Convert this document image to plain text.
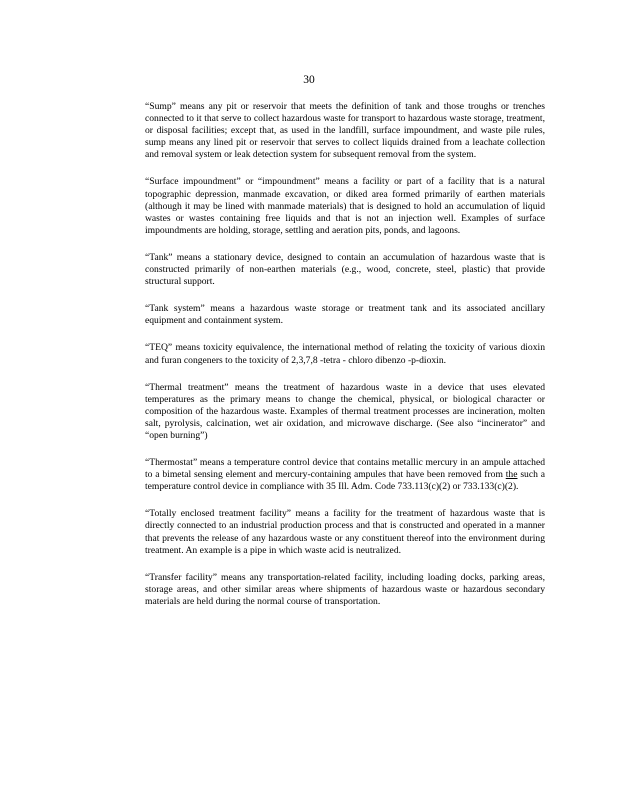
30

“Sump” means any pit or reservoir that meets the definition of tank and those troughs or trenches connected to it that serve to collect hazardous waste for transport to hazardous waste storage, treatment, or disposal facilities; except that, as used in the landfill, surface impoundment, and waste pile rules, sump means any lined pit or reservoir that serves to collect liquids drained from a leachate collection and removal system or leak detection system for subsequent removal from the system.

“Surface impoundment” or “impoundment” means a facility or part of a facility that is a natural topographic depression, manmade excavation, or diked area formed primarily of earthen materials (although it may be lined with manmade materials) that is designed to hold an accumulation of liquid wastes or wastes containing free liquids and that is not an injection well. Examples of surface impoundments are holding, storage, settling and aeration pits, ponds, and lagoons.

“Tank” means a stationary device, designed to contain an accumulation of hazardous waste that is constructed primarily of non-earthen materials (e.g., wood, concrete, steel, plastic) that provide structural support.

“Tank system” means a hazardous waste storage or treatment tank and its associated ancillary equipment and containment system.

“TEQ” means toxicity equivalence, the international method of relating the toxicity of various dioxin and furan congeners to the toxicity of 2,3,7,8 -tetra - chloro dibenzo -p-dioxin.

“Thermal treatment” means the treatment of hazardous waste in a device that uses elevated temperatures as the primary means to change the chemical, physical, or biological character or composition of the hazardous waste. Examples of thermal treatment processes are incineration, molten salt, pyrolysis, calcination, wet air oxidation, and microwave discharge. (See also “incinerator” and “open burning”)

“Thermostat” means a temperature control device that contains metallic mercury in an ampule attached to a bimetal sensing element and mercury-containing ampules that have been removed from the such a temperature control device in compliance with 35 Ill. Adm. Code 733.113(c)(2) or 733.133(c)(2).

“Totally enclosed treatment facility” means a facility for the treatment of hazardous waste that is directly connected to an industrial production process and that is constructed and operated in a manner that prevents the release of any hazardous waste or any constituent thereof into the environment during treatment. An example is a pipe in which waste acid is neutralized.

“Transfer facility” means any transportation-related facility, including loading docks, parking areas, storage areas, and other similar areas where shipments of hazardous waste or hazardous secondary materials are held during the normal course of transportation.
